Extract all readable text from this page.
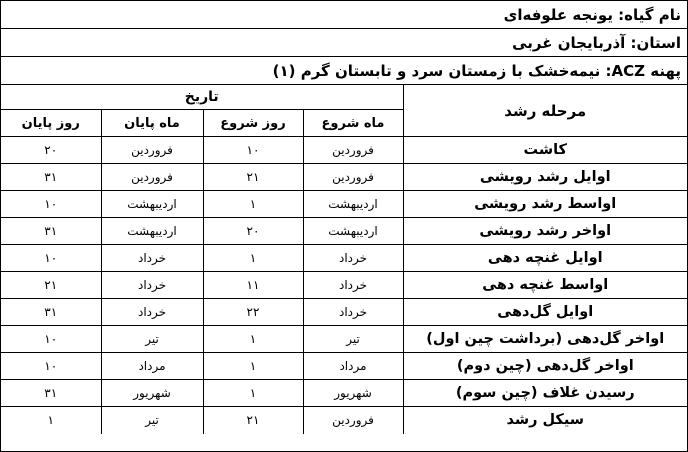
نام گیاه: یونجه علوفه‌ای
استان: آذربایجان غربی
پهنه ACZ: نیمه‌خشک با زمستان سرد و تابستان گرم (۱)
مرحله رشد	تاریخ			
	ماه شروع	روز شروع	ماه پایان	روز پایان
کاشت	فروردین	۱۰	فروردین	۲۰
اوایل رشد رویشی	فروردین	۲۱	فروردین	۳۱
اواسط رشد رویشی	اردیبهشت	۱	اردیبهشت	۱۰
اواخر رشد رویشی	اردیبهشت	۲۰	اردیبهشت	۳۱
اوایل غنچه دهی	خرداد	۱	خرداد	۱۰
اواسط غنچه دهی	خرداد	۱۱	خرداد	۲۱
اوایل گل‌دهی	خرداد	۲۲	خرداد	۳۱
اواخر گل‌دهی (برداشت چین اول)	تیر	۱	تیر	۱۰
اواخر گل‌دهی (چین دوم)	مرداد	۱	مرداد	۱۰
رسیدن غلاف (چین سوم)	شهریور	۱	شهریور	۳۱
سیکل رشد	فروردین	۲۱	تیر	۱
